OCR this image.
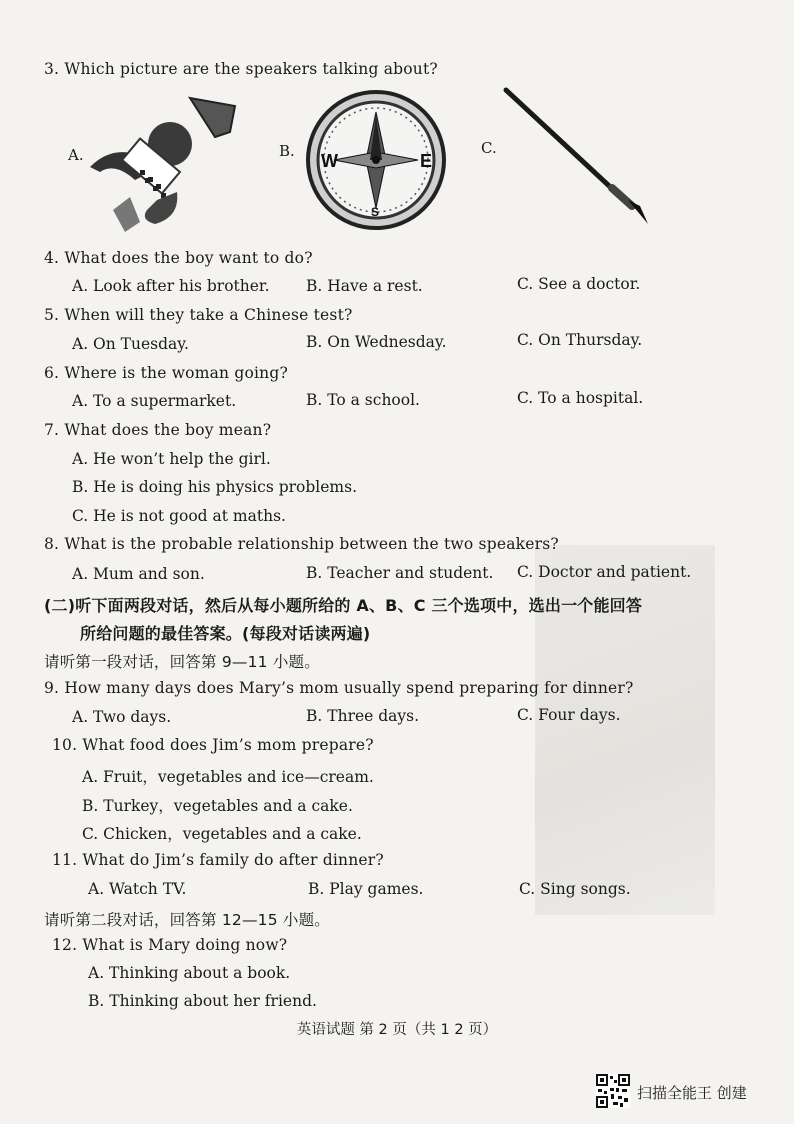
3. Which picture are the speakers talking about?
A.	B. W	E
S
C.
4. What does the boy want to do?
A. Look after his brother. B. Have a rest.	C. See a doctor.
5. When will they take a Chinese test?
A. On Tuesday.	B. On Wednesday.	C. On Thursday.
6. Where is the woman going?
A. To a supermarket.	B. To a school.	C. To a hospital.
7. What does the boy mean?
A. He won’t help the girl.
B. He is doing his physics problems.
C. He is not good at maths.
8. What is the probable relationship between the two speakers?
A. Mum and son.	B. Teacher and student. C. Doctor and patient.
(二)听下面两段对话，然后从每小题所给的 A、B、C 三个选项中，选出一个能回答
所给问题的最佳答案。(每段对话读两遍)
请听第一段对话，回答第 9—11 小题。
9. How many days does Mary’s mom usually spend preparing for dinner?
A. Two days.	B. Three days.	C. Four days.
10. What food does Jim’s mom prepare?
A. Fruit，vegetables and ice—cream.
B. Turkey，vegetables and a cake.
C. Chicken，vegetables and a cake.
11. What do Jim’s family do after dinner?
A. Watch TV.	B. Play games.	C. Sing songs.
请听第二段对话，回答第 12—15 小题。
12. What is Mary doing now?
A. Thinking about a book.
B. Thinking about her friend.
英语试题 第 2 页（共 1 2 页）
扫描全能王 创建
